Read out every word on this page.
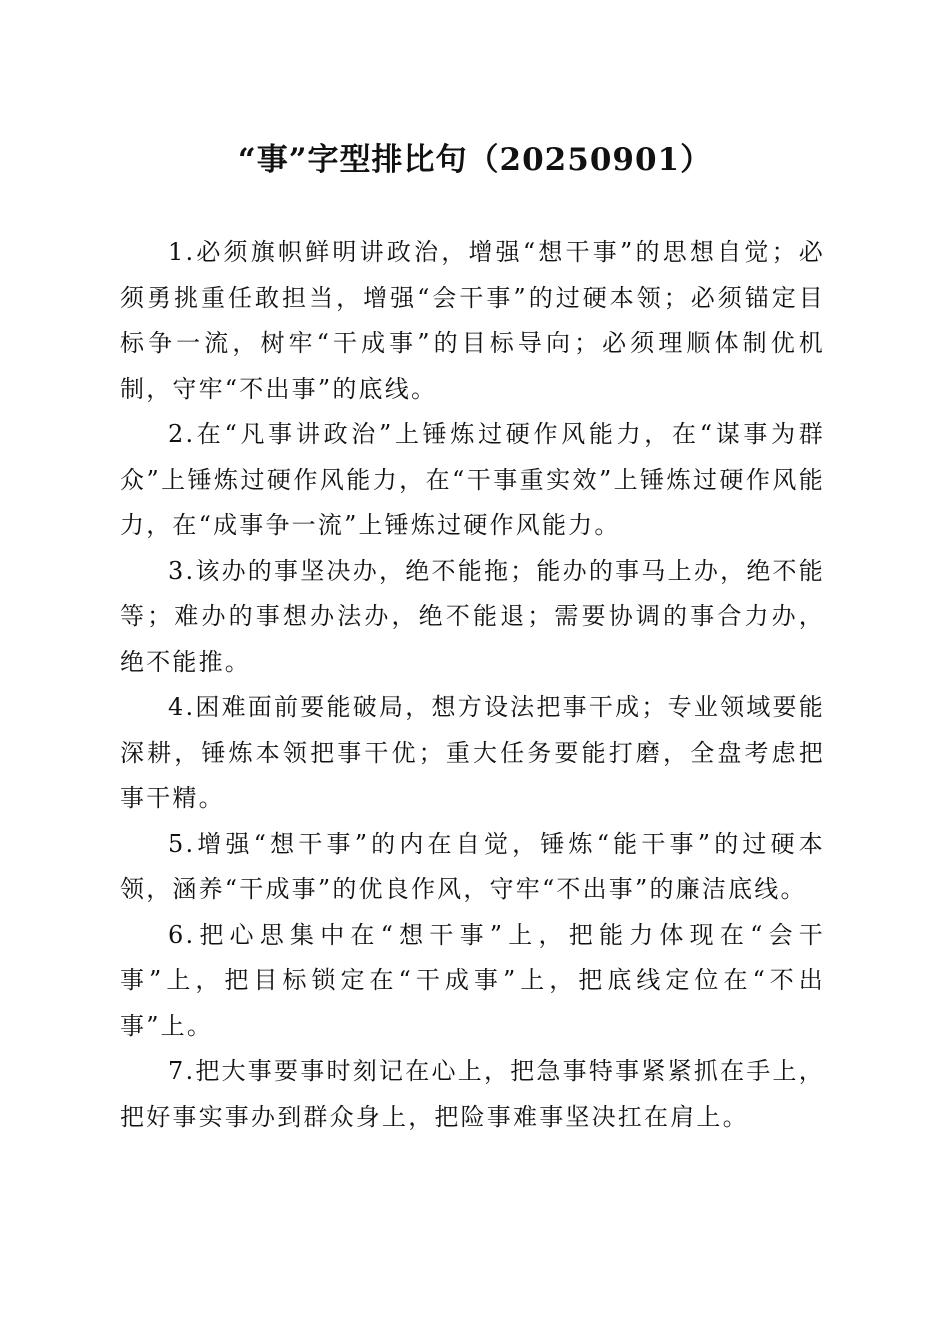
“事”字型排比句（20250901）

1.必须旗帜鲜明讲政治，增强“想干事”的思想自觉；必须勇挑重任敢担当，增强“会干事”的过硬本领；必须锚定目标争一流，树牢“干成事”的目标导向；必须理顺体制优机制，守牢“不出事”的底线。

2.在“凡事讲政治”上锤炼过硬作风能力，在“谋事为群众”上锤炼过硬作风能力，在“干事重实效”上锤炼过硬作风能力，在“成事争一流”上锤炼过硬作风能力。

3.该办的事坚决办，绝不能拖；能办的事马上办，绝不能等；难办的事想办法办，绝不能退；需要协调的事合力办，绝不能推。

4.困难面前要能破局，想方设法把事干成；专业领域要能深耕，锤炼本领把事干优；重大任务要能打磨，全盘考虑把事干精。

5.增强“想干事”的内在自觉，锤炼“能干事”的过硬本领，涵养“干成事”的优良作风，守牢“不出事”的廉洁底线。

6.把心思集中在“想干事”上，把能力体现在“会干事”上，把目标锁定在“干成事”上，把底线定位在“不出事”上。

7.把大事要事时刻记在心上，把急事特事紧紧抓在手上，把好事实事办到群众身上，把险事难事坚决扛在肩上。
